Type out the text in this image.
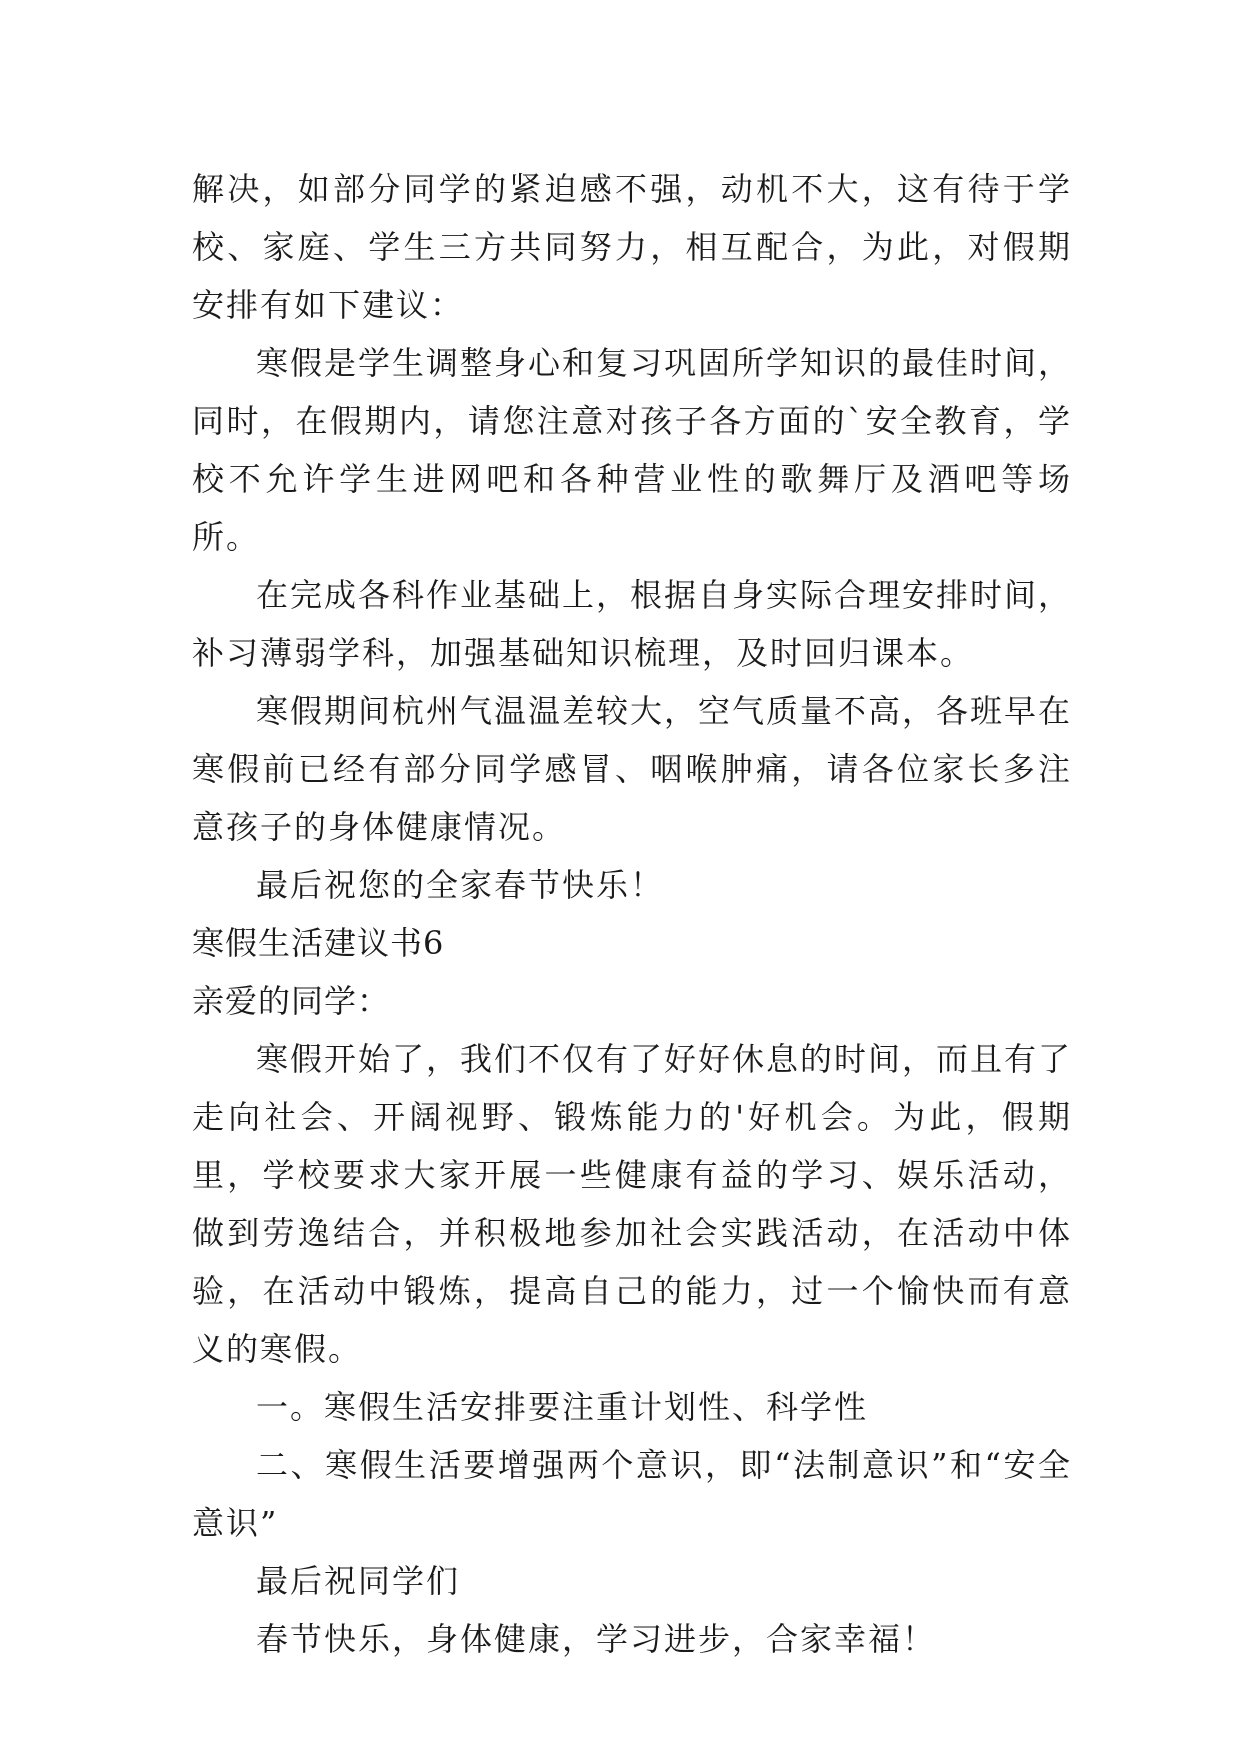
解决，如部分同学的紧迫感不强，动机不大，这有待于学校、家庭、学生三方共同努力，相互配合，为此，对假期安排有如下建议：

寒假是学生调整身心和复习巩固所学知识的最佳时间，同时，在假期内，请您注意对孩子各方面的`安全教育，学校不允许学生进网吧和各种营业性的歌舞厅及酒吧等场所。

在完成各科作业基础上，根据自身实际合理安排时间，补习薄弱学科，加强基础知识梳理，及时回归课本。

寒假期间杭州气温温差较大，空气质量不高，各班早在寒假前已经有部分同学感冒、咽喉肿痛，请各位家长多注意孩子的身体健康情况。

最后祝您的全家春节快乐！

寒假生活建议书6

亲爱的同学：

寒假开始了，我们不仅有了好好休息的时间，而且有了走向社会、开阔视野、锻炼能力的'好机会。为此，假期里，学校要求大家开展一些健康有益的学习、娱乐活动，做到劳逸结合，并积极地参加社会实践活动，在活动中体验，在活动中锻炼，提高自己的能力，过一个愉快而有意义的寒假。

一。寒假生活安排要注重计划性、科学性

二、寒假生活要增强两个意识，即“法制意识”和“安全意识”

最后祝同学们

春节快乐，身体健康，学习进步，合家幸福！
